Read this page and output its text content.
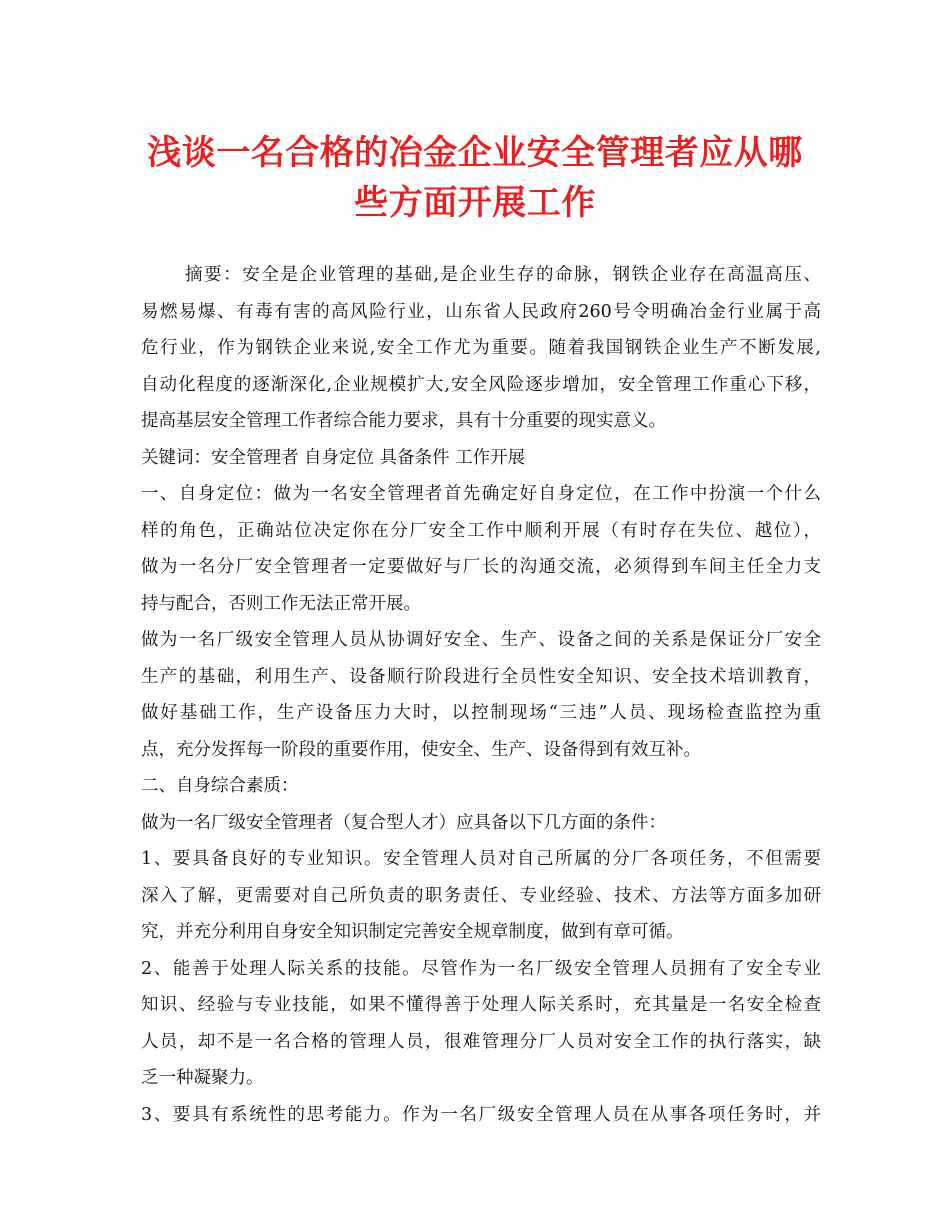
浅谈一名合格的冶金企业安全管理者应从哪
些方面开展工作
摘要：安全是企业管理的基础,是企业生存的命脉，钢铁企业存在高温高压、
易燃易爆、有毒有害的高风险行业，山东省人民政府260号令明确冶金行业属于高
危行业，作为钢铁企业来说,安全工作尤为重要。随着我国钢铁企业生产不断发展,
自动化程度的逐渐深化,企业规模扩大,安全风险逐步增加，安全管理工作重心下移，
提高基层安全管理工作者综合能力要求，具有十分重要的现实意义。
关键词：安全管理者 自身定位 具备条件 工作开展
一、自身定位：做为一名安全管理者首先确定好自身定位，在工作中扮演一个什么
样的角色，正确站位决定你在分厂安全工作中顺利开展（有时存在失位、越位），
做为一名分厂安全管理者一定要做好与厂长的沟通交流，必须得到车间主任全力支
持与配合，否则工作无法正常开展。
做为一名厂级安全管理人员从协调好安全、生产、设备之间的关系是保证分厂安全
生产的基础，利用生产、设备顺行阶段进行全员性安全知识、安全技术培训教育，
做好基础工作，生产设备压力大时，以控制现场“三违”人员、现场检查监控为重
点，充分发挥每一阶段的重要作用，使安全、生产、设备得到有效互补。
二、自身综合素质：
做为一名厂级安全管理者（复合型人才）应具备以下几方面的条件：
1、要具备良好的专业知识。安全管理人员对自己所属的分厂各项任务，不但需要
深入了解，更需要对自己所负责的职务责任、专业经验、技术、方法等方面多加研
究，并充分利用自身安全知识制定完善安全规章制度，做到有章可循。
2、能善于处理人际关系的技能。尽管作为一名厂级安全管理人员拥有了安全专业
知识、经验与专业技能，如果不懂得善于处理人际关系时，充其量是一名安全检查
人员，却不是一名合格的管理人员，很难管理分厂人员对安全工作的执行落实，缺
乏一种凝聚力。
3、要具有系统性的思考能力。作为一名厂级安全管理人员在从事各项任务时，并
